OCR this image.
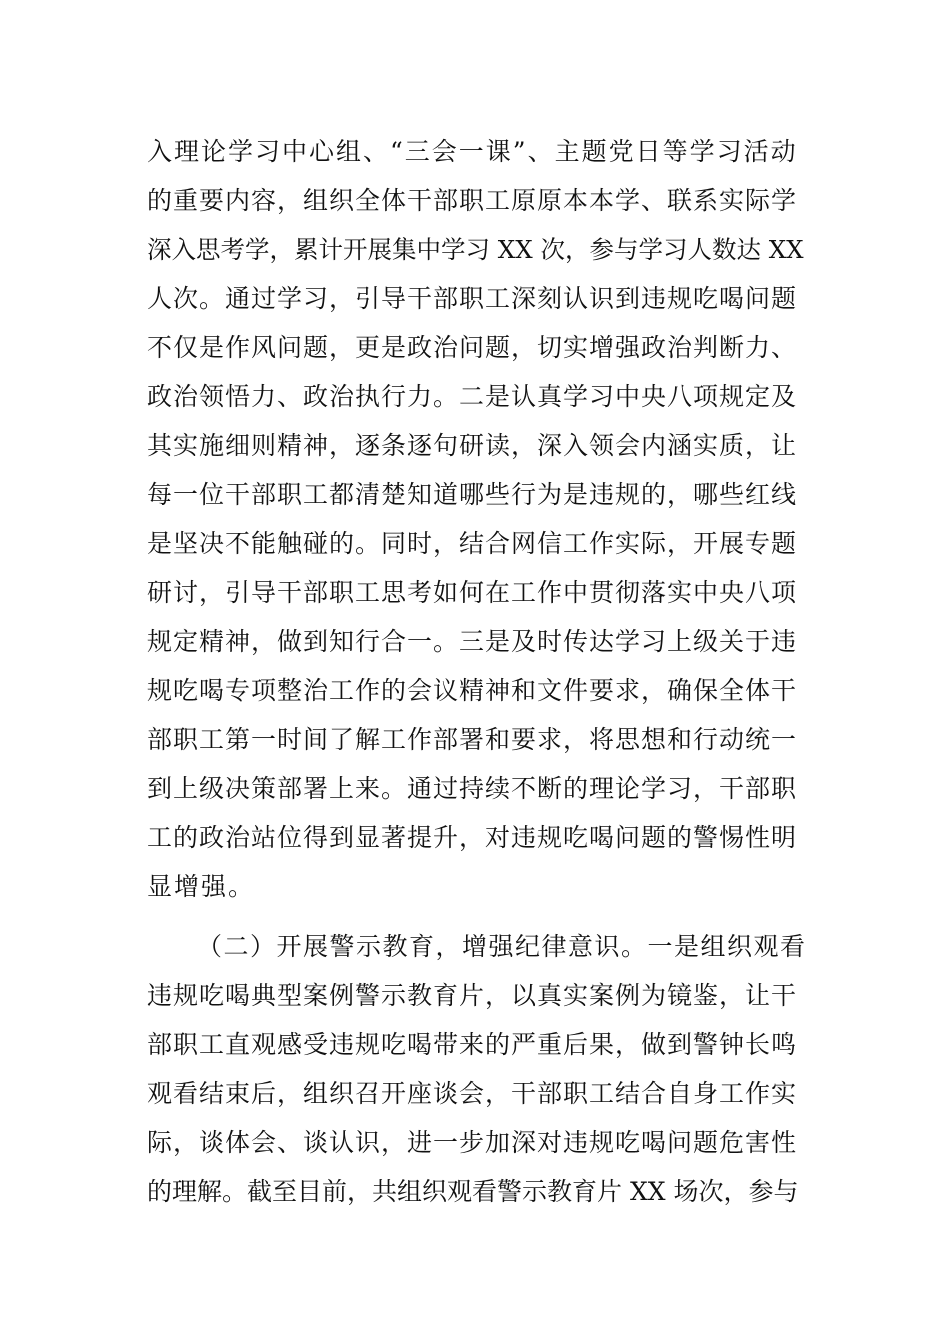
入理论学习中心组、“三会一课”、主题党日等学习活动
的重要内容，组织全体干部职工原原本本学、联系实际学
深入思考学，累计开展集中学习 XX 次，参与学习人数达 XX
人次。通过学习，引导干部职工深刻认识到违规吃喝问题
不仅是作风问题，更是政治问题，切实增强政治判断力、
政治领悟力、政治执行力。二是认真学习中央八项规定及
其实施细则精神，逐条逐句研读，深入领会内涵实质，让
每一位干部职工都清楚知道哪些行为是违规的，哪些红线
是坚决不能触碰的。同时，结合网信工作实际，开展专题
研讨，引导干部职工思考如何在工作中贯彻落实中央八项
规定精神，做到知行合一。三是及时传达学习上级关于违
规吃喝专项整治工作的会议精神和文件要求，确保全体干
部职工第一时间了解工作部署和要求，将思想和行动统一
到上级决策部署上来。通过持续不断的理论学习，干部职
工的政治站位得到显著提升，对违规吃喝问题的警惕性明
显增强。
（二）开展警示教育，增强纪律意识。一是组织观看
违规吃喝典型案例警示教育片，以真实案例为镜鉴，让干
部职工直观感受违规吃喝带来的严重后果，做到警钟长鸣
观看结束后，组织召开座谈会，干部职工结合自身工作实
际，谈体会、谈认识，进一步加深对违规吃喝问题危害性
的理解。截至目前，共组织观看警示教育片 XX 场次，参与
